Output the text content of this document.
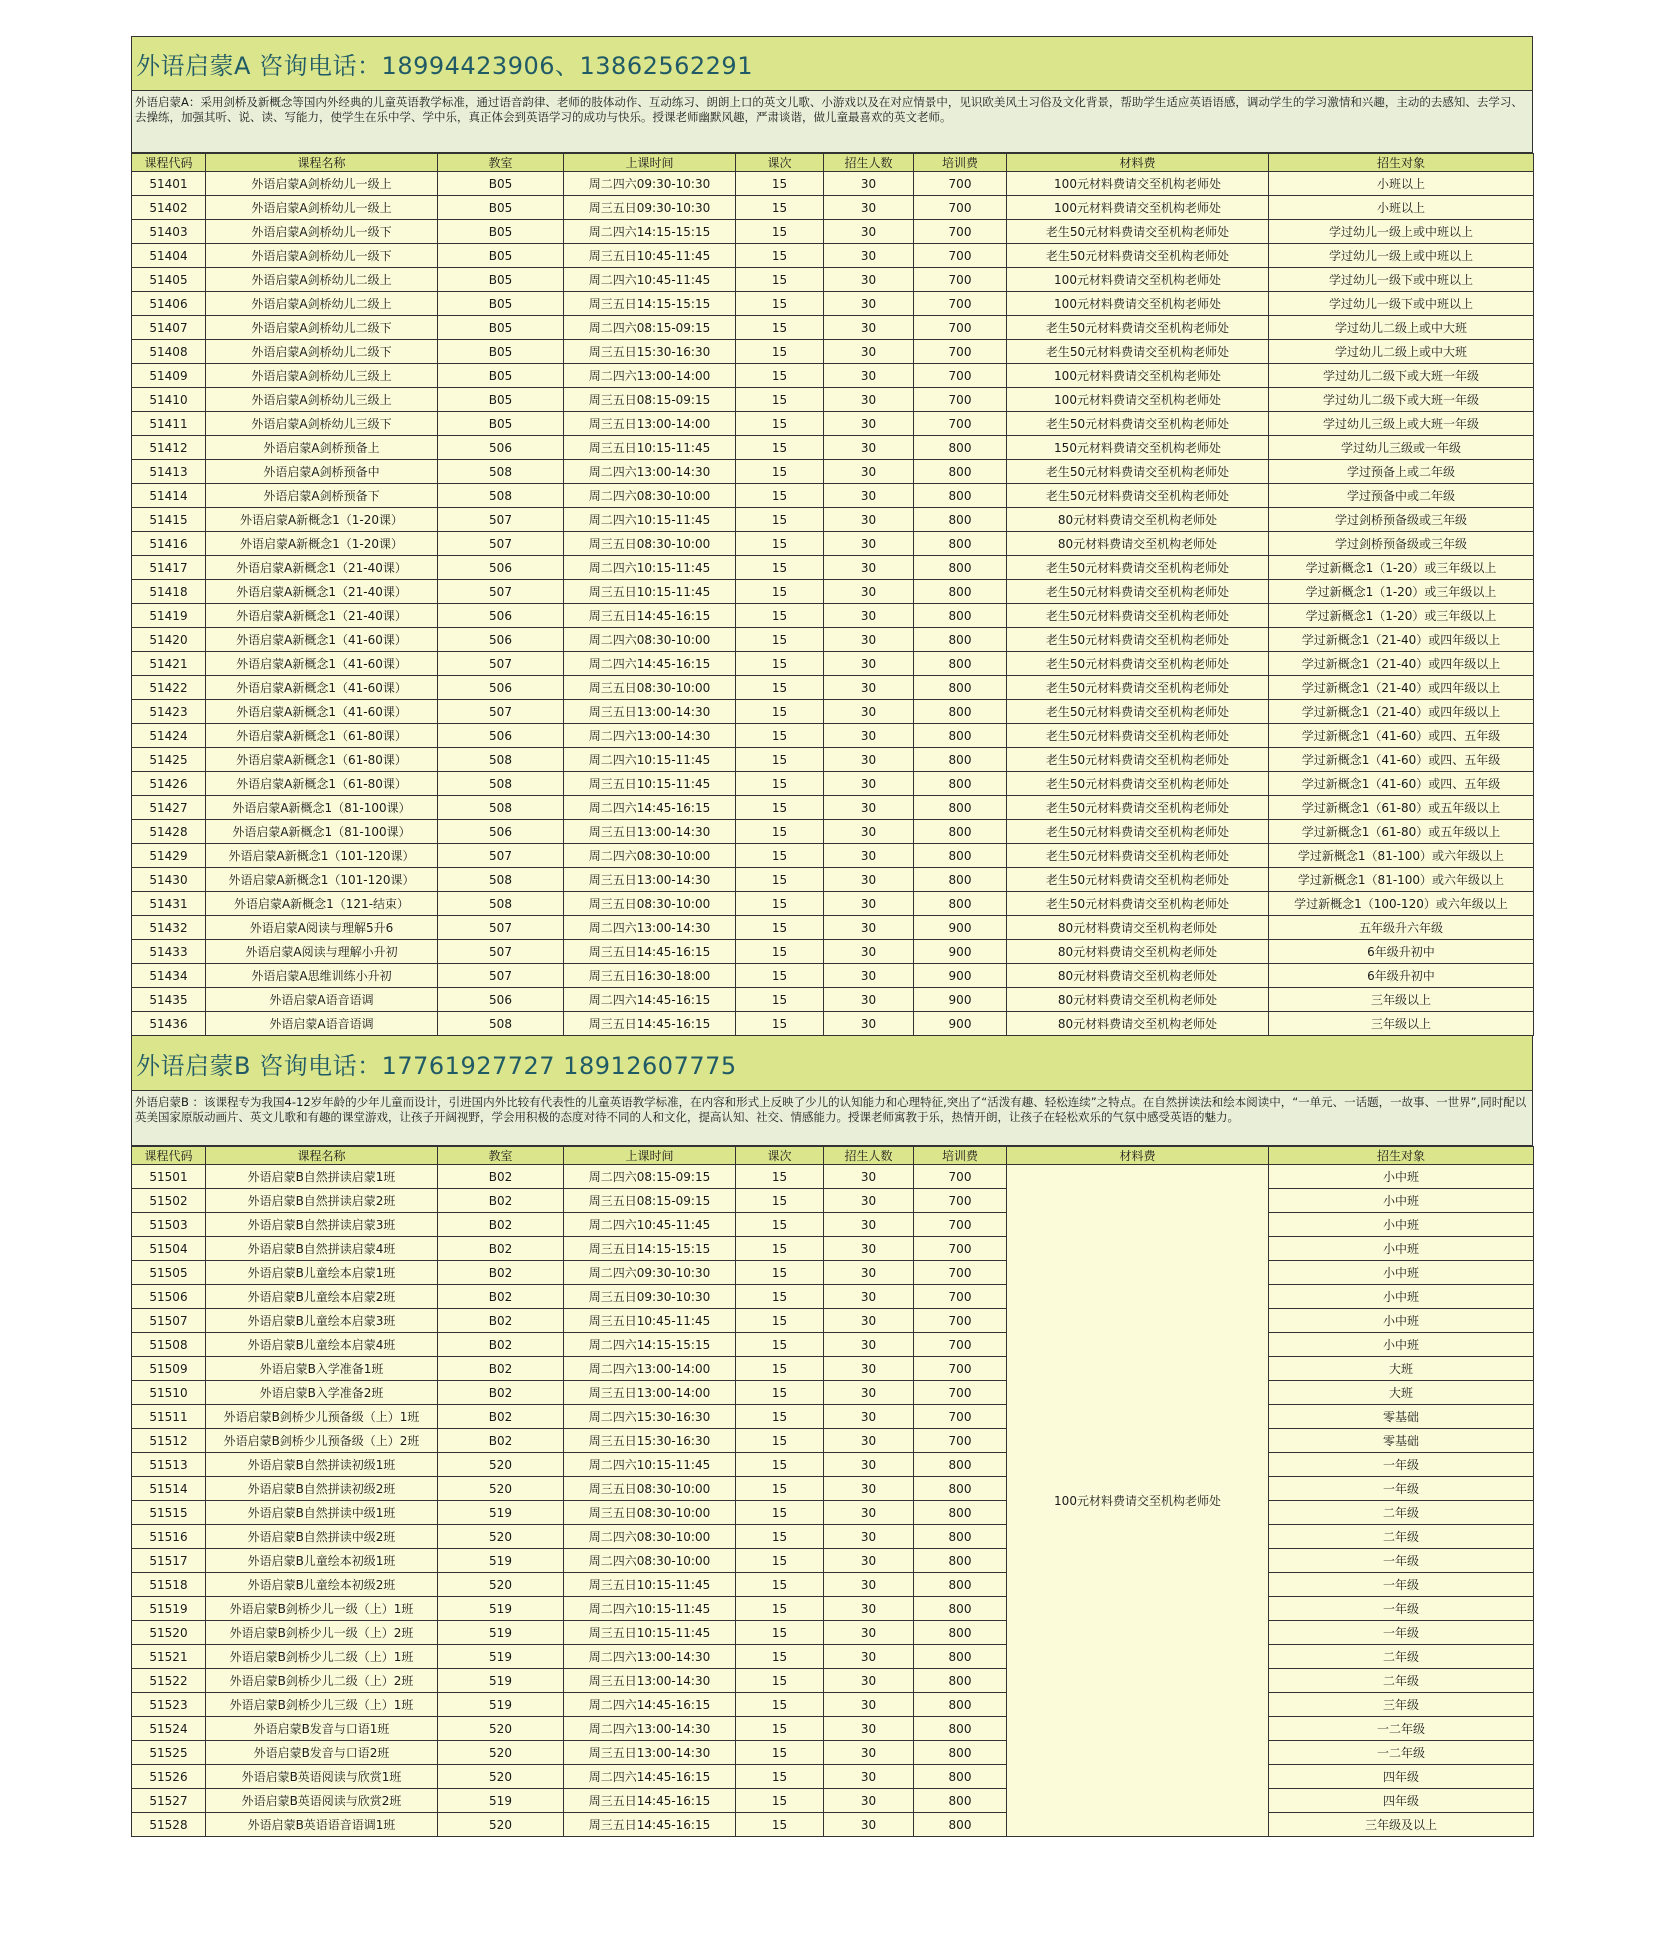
外语启蒙A 咨询电话：18994423906、13862562291
外语启蒙A：采用剑桥及新概念等国内外经典的儿童英语教学标准，通过语音韵律、老师的肢体动作、互动练习、朗朗上口的英文儿歌、小游戏以及在对应情景中，见识欧美风土习俗及文化背景，帮助学生适应英语语感，调动学生的学习激情和兴趣，主动的去感知、去学习、去操练，加强其听、说、读、写能力，使学生在乐中学、学中乐，真正体会到英语学习的成功与快乐。授课老师幽默风趣，严肃谈谐，做儿童最喜欢的英文老师。
课程代码	课程名称	教室	上课时间	课次	招生人数	培训费	材料费	招生对象
51401	外语启蒙A剑桥幼儿一级上	B05	周二四六09:30-10:30	15	30	700	100元材料费请交至机构老师处	小班以上
51402	外语启蒙A剑桥幼儿一级上	B05	周三五日09:30-10:30	15	30	700	100元材料费请交至机构老师处	小班以上
51403	外语启蒙A剑桥幼儿一级下	B05	周二四六14:15-15:15	15	30	700	老生50元材料费请交至机构老师处	学过幼儿一级上或中班以上
51404	外语启蒙A剑桥幼儿一级下	B05	周三五日10:45-11:45	15	30	700	老生50元材料费请交至机构老师处	学过幼儿一级上或中班以上
51405	外语启蒙A剑桥幼儿二级上	B05	周二四六10:45-11:45	15	30	700	100元材料费请交至机构老师处	学过幼儿一级下或中班以上
51406	外语启蒙A剑桥幼儿二级上	B05	周三五日14:15-15:15	15	30	700	100元材料费请交至机构老师处	学过幼儿一级下或中班以上
51407	外语启蒙A剑桥幼儿二级下	B05	周二四六08:15-09:15	15	30	700	老生50元材料费请交至机构老师处	学过幼儿二级上或中大班
51408	外语启蒙A剑桥幼儿二级下	B05	周三五日15:30-16:30	15	30	700	老生50元材料费请交至机构老师处	学过幼儿二级上或中大班
51409	外语启蒙A剑桥幼儿三级上	B05	周二四六13:00-14:00	15	30	700	100元材料费请交至机构老师处	学过幼儿二级下或大班一年级
51410	外语启蒙A剑桥幼儿三级上	B05	周三五日08:15-09:15	15	30	700	100元材料费请交至机构老师处	学过幼儿二级下或大班一年级
51411	外语启蒙A剑桥幼儿三级下	B05	周三五日13:00-14:00	15	30	700	老生50元材料费请交至机构老师处	学过幼儿三级上或大班一年级
51412	外语启蒙A剑桥预备上	506	周三五日10:15-11:45	15	30	800	150元材料费请交至机构老师处	学过幼儿三级或一年级
51413	外语启蒙A剑桥预备中	508	周二四六13:00-14:30	15	30	800	老生50元材料费请交至机构老师处	学过预备上或二年级
51414	外语启蒙A剑桥预备下	508	周二四六08:30-10:00	15	30	800	老生50元材料费请交至机构老师处	学过预备中或二年级
51415	外语启蒙A新概念1（1-20课）	507	周二四六10:15-11:45	15	30	800	80元材料费请交至机构老师处	学过剑桥预备级或三年级
51416	外语启蒙A新概念1（1-20课）	507	周三五日08:30-10:00	15	30	800	80元材料费请交至机构老师处	学过剑桥预备级或三年级
51417	外语启蒙A新概念1（21-40课）	506	周二四六10:15-11:45	15	30	800	老生50元材料费请交至机构老师处	学过新概念1（1-20）或三年级以上
51418	外语启蒙A新概念1（21-40课）	507	周三五日10:15-11:45	15	30	800	老生50元材料费请交至机构老师处	学过新概念1（1-20）或三年级以上
51419	外语启蒙A新概念1（21-40课）	506	周三五日14:45-16:15	15	30	800	老生50元材料费请交至机构老师处	学过新概念1（1-20）或三年级以上
51420	外语启蒙A新概念1（41-60课）	506	周二四六08:30-10:00	15	30	800	老生50元材料费请交至机构老师处	学过新概念1（21-40）或四年级以上
51421	外语启蒙A新概念1（41-60课）	507	周二四六14:45-16:15	15	30	800	老生50元材料费请交至机构老师处	学过新概念1（21-40）或四年级以上
51422	外语启蒙A新概念1（41-60课）	506	周三五日08:30-10:00	15	30	800	老生50元材料费请交至机构老师处	学过新概念1（21-40）或四年级以上
51423	外语启蒙A新概念1（41-60课）	507	周三五日13:00-14:30	15	30	800	老生50元材料费请交至机构老师处	学过新概念1（21-40）或四年级以上
51424	外语启蒙A新概念1（61-80课）	506	周二四六13:00-14:30	15	30	800	老生50元材料费请交至机构老师处	学过新概念1（41-60）或四、五年级
51425	外语启蒙A新概念1（61-80课）	508	周二四六10:15-11:45	15	30	800	老生50元材料费请交至机构老师处	学过新概念1（41-60）或四、五年级
51426	外语启蒙A新概念1（61-80课）	508	周三五日10:15-11:45	15	30	800	老生50元材料费请交至机构老师处	学过新概念1（41-60）或四、五年级
51427	外语启蒙A新概念1（81-100课）	508	周二四六14:45-16:15	15	30	800	老生50元材料费请交至机构老师处	学过新概念1（61-80）或五年级以上
51428	外语启蒙A新概念1（81-100课）	506	周三五日13:00-14:30	15	30	800	老生50元材料费请交至机构老师处	学过新概念1（61-80）或五年级以上
51429	外语启蒙A新概念1（101-120课）	507	周二四六08:30-10:00	15	30	800	老生50元材料费请交至机构老师处	学过新概念1（81-100）或六年级以上
51430	外语启蒙A新概念1（101-120课）	508	周三五日13:00-14:30	15	30	800	老生50元材料费请交至机构老师处	学过新概念1（81-100）或六年级以上
51431	外语启蒙A新概念1（121-结束）	508	周三五日08:30-10:00	15	30	800	老生50元材料费请交至机构老师处	学过新概念1（100-120）或六年级以上
51432	外语启蒙A阅读与理解5升6	507	周二四六13:00-14:30	15	30	900	80元材料费请交至机构老师处	五年级升六年级
51433	外语启蒙A阅读与理解小升初	507	周三五日14:45-16:15	15	30	900	80元材料费请交至机构老师处	6年级升初中
51434	外语启蒙A思维训练小升初	507	周三五日16:30-18:00	15	30	900	80元材料费请交至机构老师处	6年级升初中
51435	外语启蒙A语音语调	506	周二四六14:45-16:15	15	30	900	80元材料费请交至机构老师处	三年级以上
51436	外语启蒙A语音语调	508	周三五日14:45-16:15	15	30	900	80元材料费请交至机构老师处	三年级以上
外语启蒙B 咨询电话：17761927727 18912607775
外语启蒙B ：该课程专为我国4-12岁年龄的少年儿童而设计，引进国内外比较有代表性的儿童英语教学标准，在内容和形式上反映了少儿的认知能力和心理特征,突出了“活泼有趣、轻松连续”之特点。在自然拼读法和绘本阅读中，“一单元、一话题，一故事、一世界”,同时配以英美国家原版动画片、英文儿歌和有趣的课堂游戏，让孩子开阔视野，学会用积极的态度对待不同的人和文化，提高认知、社交、情感能力。授课老师寓教于乐，热情开朗，让孩子在轻松欢乐的气氛中感受英语的魅力。
课程代码	课程名称	教室	上课时间	课次	招生人数	培训费	材料费	招生对象
51501	外语启蒙B自然拼读启蒙1班	B02	周二四六08:15-09:15	15	30	700	100元材料费请交至机构老师处	小中班
51502	外语启蒙B自然拼读启蒙2班	B02	周三五日08:15-09:15	15	30	700		小中班
51503	外语启蒙B自然拼读启蒙3班	B02	周二四六10:45-11:45	15	30	700		小中班
51504	外语启蒙B自然拼读启蒙4班	B02	周三五日14:15-15:15	15	30	700		小中班
51505	外语启蒙B儿童绘本启蒙1班	B02	周二四六09:30-10:30	15	30	700		小中班
51506	外语启蒙B儿童绘本启蒙2班	B02	周三五日09:30-10:30	15	30	700		小中班
51507	外语启蒙B儿童绘本启蒙3班	B02	周三五日10:45-11:45	15	30	700		小中班
51508	外语启蒙B儿童绘本启蒙4班	B02	周二四六14:15-15:15	15	30	700		小中班
51509	外语启蒙B入学准备1班	B02	周二四六13:00-14:00	15	30	700		大班
51510	外语启蒙B入学准备2班	B02	周三五日13:00-14:00	15	30	700		大班
51511	外语启蒙B剑桥少儿预备级（上）1班	B02	周二四六15:30-16:30	15	30	700		零基础
51512	外语启蒙B剑桥少儿预备级（上）2班	B02	周三五日15:30-16:30	15	30	700		零基础
51513	外语启蒙B自然拼读初级1班	520	周二四六10:15-11:45	15	30	800		一年级
51514	外语启蒙B自然拼读初级2班	520	周三五日08:30-10:00	15	30	800		一年级
51515	外语启蒙B自然拼读中级1班	519	周三五日08:30-10:00	15	30	800		二年级
51516	外语启蒙B自然拼读中级2班	520	周二四六08:30-10:00	15	30	800		二年级
51517	外语启蒙B儿童绘本初级1班	519	周二四六08:30-10:00	15	30	800		一年级
51518	外语启蒙B儿童绘本初级2班	520	周三五日10:15-11:45	15	30	800		一年级
51519	外语启蒙B剑桥少儿一级（上）1班	519	周二四六10:15-11:45	15	30	800		一年级
51520	外语启蒙B剑桥少儿一级（上）2班	519	周三五日10:15-11:45	15	30	800		一年级
51521	外语启蒙B剑桥少儿二级（上）1班	519	周二四六13:00-14:30	15	30	800		二年级
51522	外语启蒙B剑桥少儿二级（上）2班	519	周三五日13:00-14:30	15	30	800		二年级
51523	外语启蒙B剑桥少儿三级（上）1班	519	周二四六14:45-16:15	15	30	800		三年级
51524	外语启蒙B发音与口语1班	520	周二四六13:00-14:30	15	30	800		一二年级
51525	外语启蒙B发音与口语2班	520	周三五日13:00-14:30	15	30	800		一二年级
51526	外语启蒙B英语阅读与欣赏1班	520	周二四六14:45-16:15	15	30	800		四年级
51527	外语启蒙B英语阅读与欣赏2班	519	周三五日14:45-16:15	15	30	800		四年级
51528	外语启蒙B英语语音语调1班	520	周三五日14:45-16:15	15	30	800		三年级及以上
